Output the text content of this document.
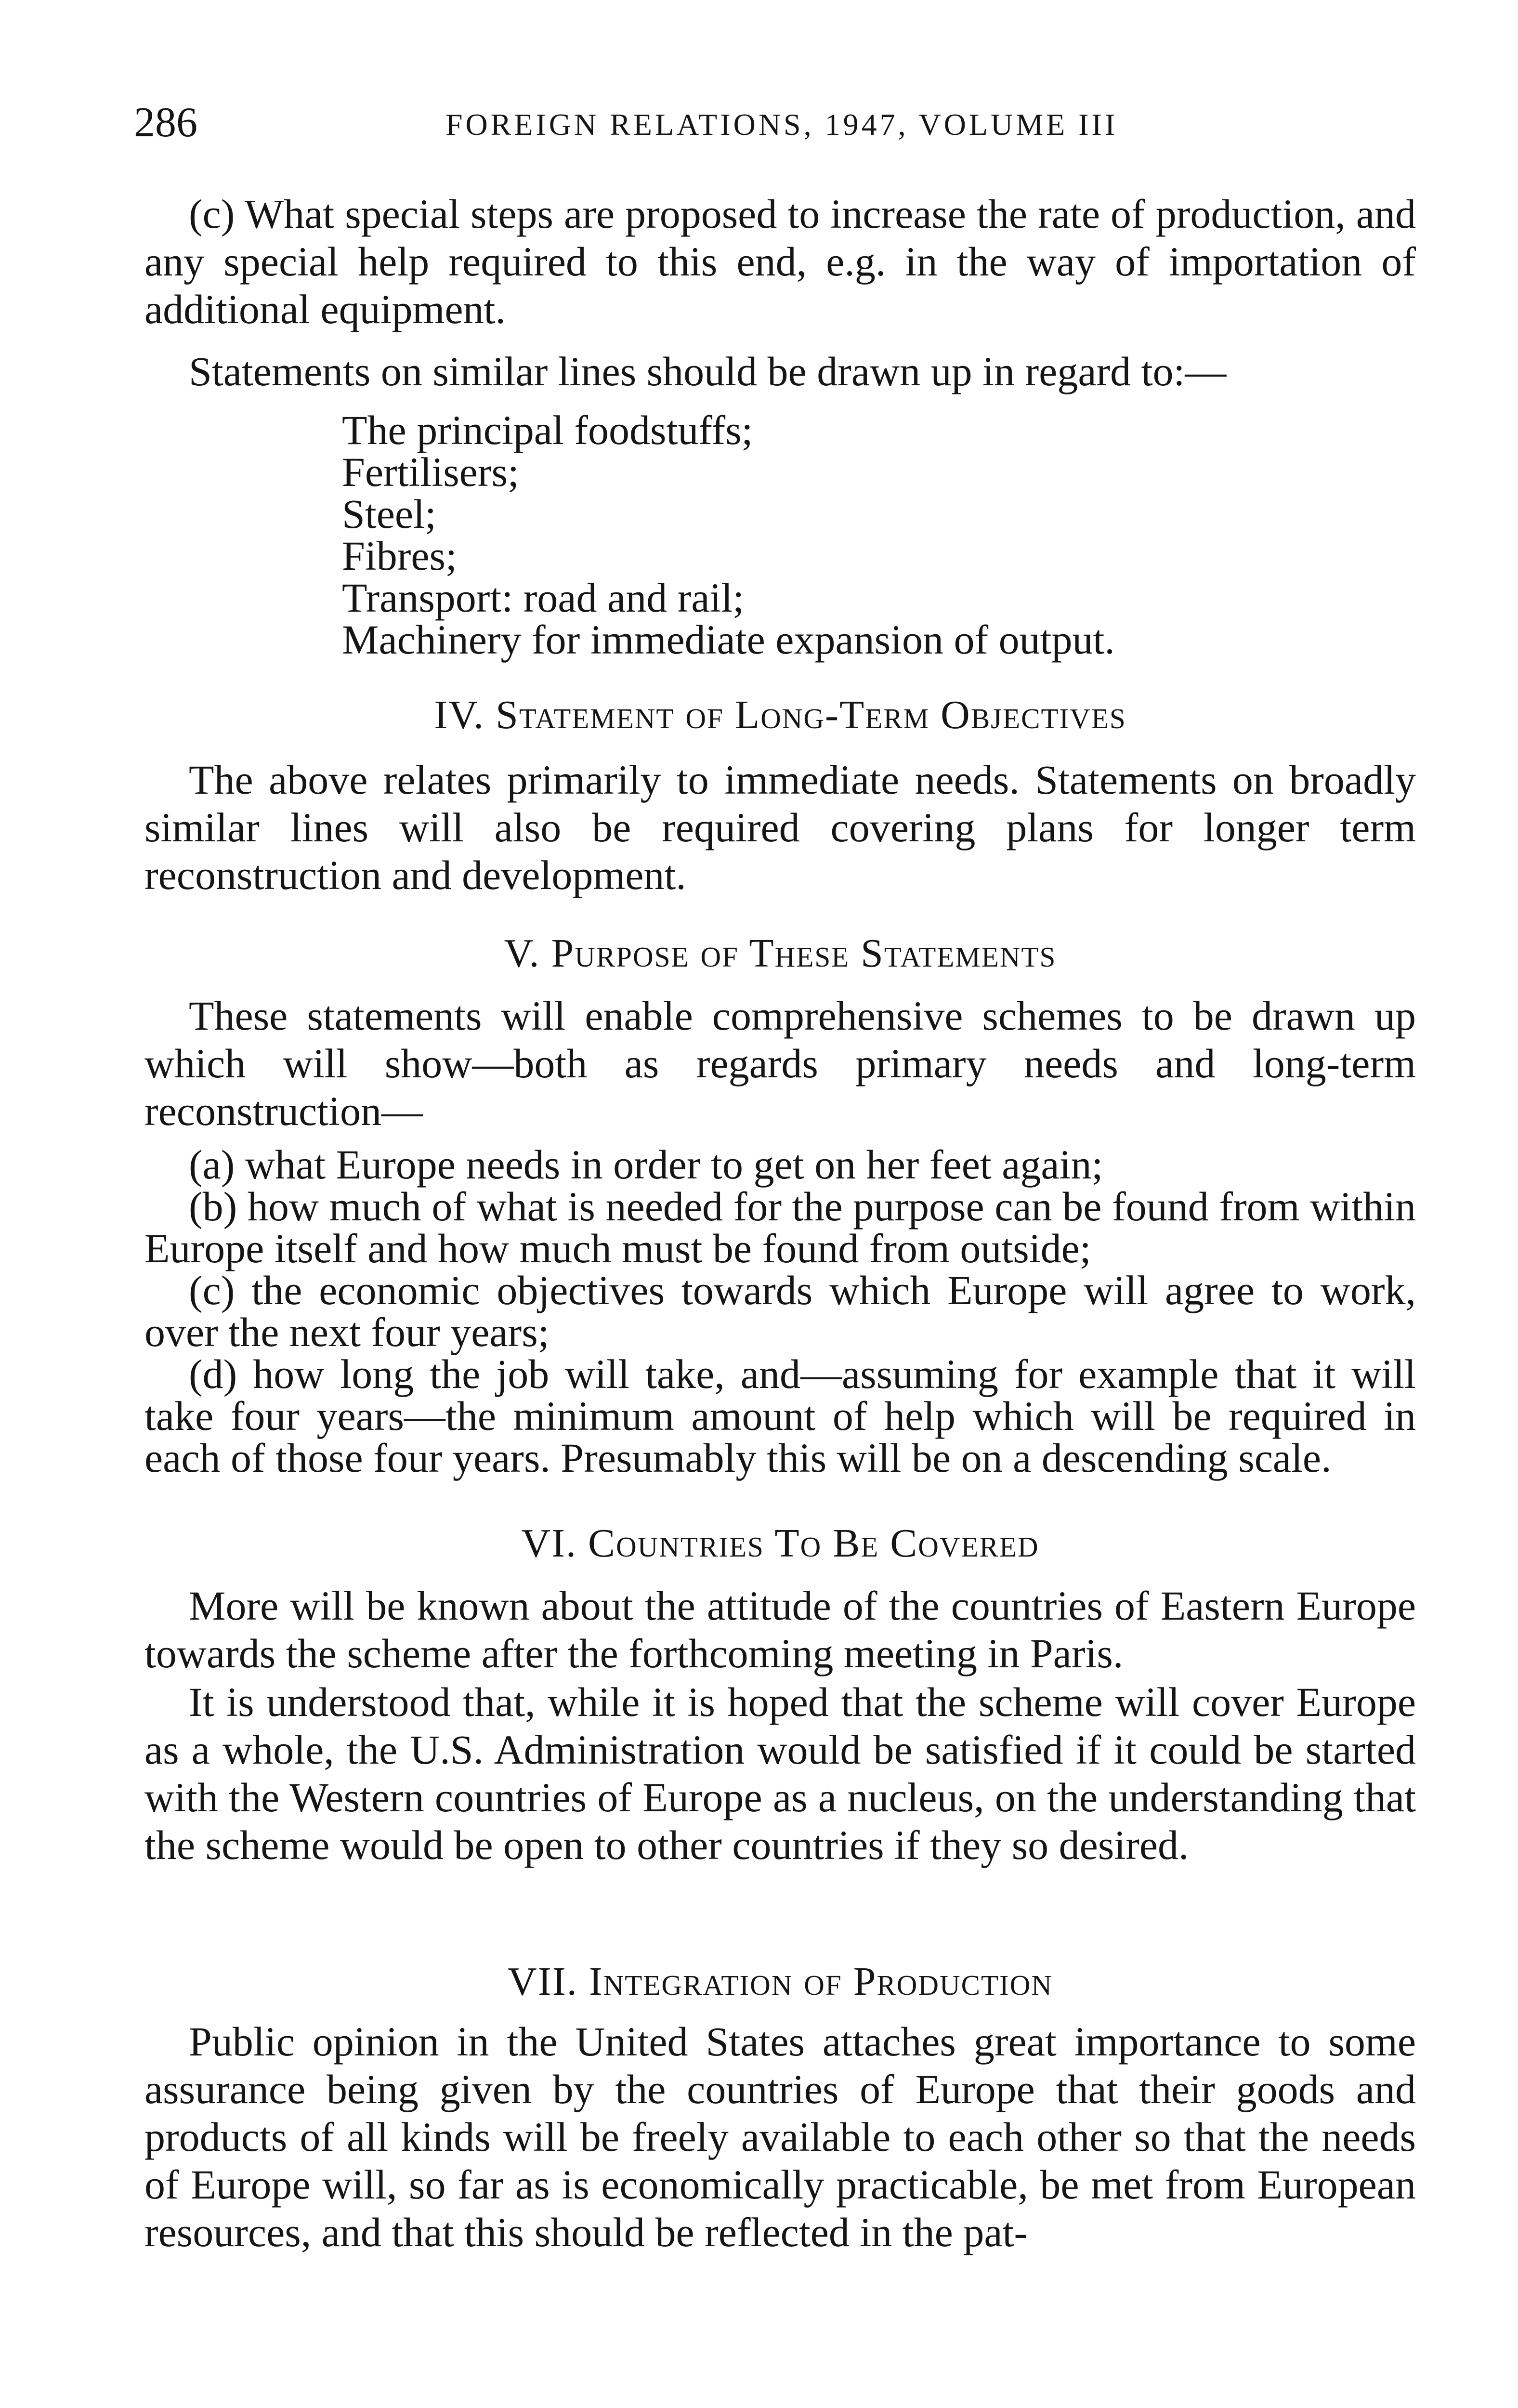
286	FOREIGN RELATIONS, 1947, VOLUME III
(c) What special steps are proposed to increase the rate of production, and any special help required to this end, e.g. in the way of importation of additional equipment.
Statements on similar lines should be drawn up in regard to:—
The principal foodstuffs;
Fertilisers;
Steel;
Fibres;
Transport: road and rail;
Machinery for immediate expansion of output.
IV. Statement of Long-Term Objectives
The above relates primarily to immediate needs. Statements on broadly similar lines will also be required covering plans for longer term reconstruction and development.
V. Purpose of These Statements
These statements will enable comprehensive schemes to be drawn up which will show—both as regards primary needs and long-term reconstruction—
(a) what Europe needs in order to get on her feet again;
(b) how much of what is needed for the purpose can be found from within Europe itself and how much must be found from outside;
(c) the economic objectives towards which Europe will agree to work, over the next four years;
(d) how long the job will take, and—assuming for example that it will take four years—the minimum amount of help which will be required in each of those four years. Presumably this will be on a descending scale.
VI. Countries To Be Covered
More will be known about the attitude of the countries of Eastern Europe towards the scheme after the forthcoming meeting in Paris.
It is understood that, while it is hoped that the scheme will cover Europe as a whole, the U.S. Administration would be satisfied if it could be started with the Western countries of Europe as a nucleus, on the understanding that the scheme would be open to other countries if they so desired.
VII. Integration of Production
Public opinion in the United States attaches great importance to some assurance being given by the countries of Europe that their goods and products of all kinds will be freely available to each other so that the needs of Europe will, so far as is economically practicable, be met from European resources, and that this should be reflected in the pat-
